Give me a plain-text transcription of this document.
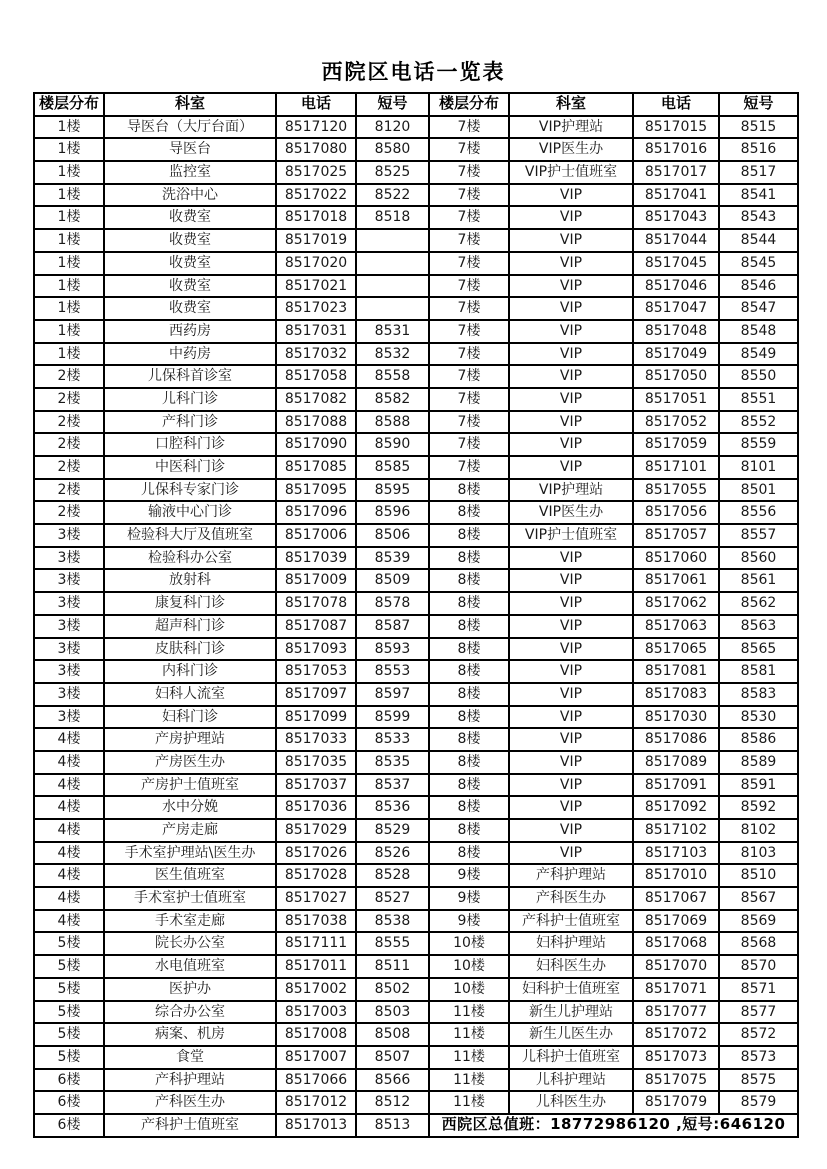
西院区电话一览表
楼层分布	科室	电话	短号	楼层分布	科室	电话	短号
1楼	导医台（大厅台面）	8517120	8120	7楼	VIP护理站	8517015	8515
1楼	导医台	8517080	8580	7楼	VIP医生办	8517016	8516
1楼	监控室	8517025	8525	7楼	VIP护士值班室	8517017	8517
1楼	洗浴中心	8517022	8522	7楼	VIP	8517041	8541
1楼	收费室	8517018	8518	7楼	VIP	8517043	8543
1楼	收费室	8517019		7楼	VIP	8517044	8544
1楼	收费室	8517020		7楼	VIP	8517045	8545
1楼	收费室	8517021		7楼	VIP	8517046	8546
1楼	收费室	8517023		7楼	VIP	8517047	8547
1楼	西药房	8517031	8531	7楼	VIP	8517048	8548
1楼	中药房	8517032	8532	7楼	VIP	8517049	8549
2楼	儿保科首诊室	8517058	8558	7楼	VIP	8517050	8550
2楼	儿科门诊	8517082	8582	7楼	VIP	8517051	8551
2楼	产科门诊	8517088	8588	7楼	VIP	8517052	8552
2楼	口腔科门诊	8517090	8590	7楼	VIP	8517059	8559
2楼	中医科门诊	8517085	8585	7楼	VIP	8517101	8101
2楼	儿保科专家门诊	8517095	8595	8楼	VIP护理站	8517055	8501
2楼	输液中心门诊	8517096	8596	8楼	VIP医生办	8517056	8556
3楼	检验科大厅及值班室	8517006	8506	8楼	VIP护士值班室	8517057	8557
3楼	检验科办公室	8517039	8539	8楼	VIP	8517060	8560
3楼	放射科	8517009	8509	8楼	VIP	8517061	8561
3楼	康复科门诊	8517078	8578	8楼	VIP	8517062	8562
3楼	超声科门诊	8517087	8587	8楼	VIP	8517063	8563
3楼	皮肤科门诊	8517093	8593	8楼	VIP	8517065	8565
3楼	内科门诊	8517053	8553	8楼	VIP	8517081	8581
3楼	妇科人流室	8517097	8597	8楼	VIP	8517083	8583
3楼	妇科门诊	8517099	8599	8楼	VIP	8517030	8530
4楼	产房护理站	8517033	8533	8楼	VIP	8517086	8586
4楼	产房医生办	8517035	8535	8楼	VIP	8517089	8589
4楼	产房护士值班室	8517037	8537	8楼	VIP	8517091	8591
4楼	水中分娩	8517036	8536	8楼	VIP	8517092	8592
4楼	产房走廊	8517029	8529	8楼	VIP	8517102	8102
4楼	手术室护理站\医生办	8517026	8526	8楼	VIP	8517103	8103
4楼	医生值班室	8517028	8528	9楼	产科护理站	8517010	8510
4楼	手术室护士值班室	8517027	8527	9楼	产科医生办	8517067	8567
4楼	手术室走廊	8517038	8538	9楼	产科护士值班室	8517069	8569
5楼	院长办公室	8517111	8555	10楼	妇科护理站	8517068	8568
5楼	水电值班室	8517011	8511	10楼	妇科医生办	8517070	8570
5楼	医护办	8517002	8502	10楼	妇科护士值班室	8517071	8571
5楼	综合办公室	8517003	8503	11楼	新生儿护理站	8517077	8577
5楼	病案、机房	8517008	8508	11楼	新生儿医生办	8517072	8572
5楼	食堂	8517007	8507	11楼	儿科护士值班室	8517073	8573
6楼	产科护理站	8517066	8566	11楼	儿科护理站	8517075	8575
6楼	产科医生办	8517012	8512	11楼	儿科医生办	8517079	8579
6楼	产科护士值班室	8517013	8513	西院区总值班：18772986120 ,短号:646120			
